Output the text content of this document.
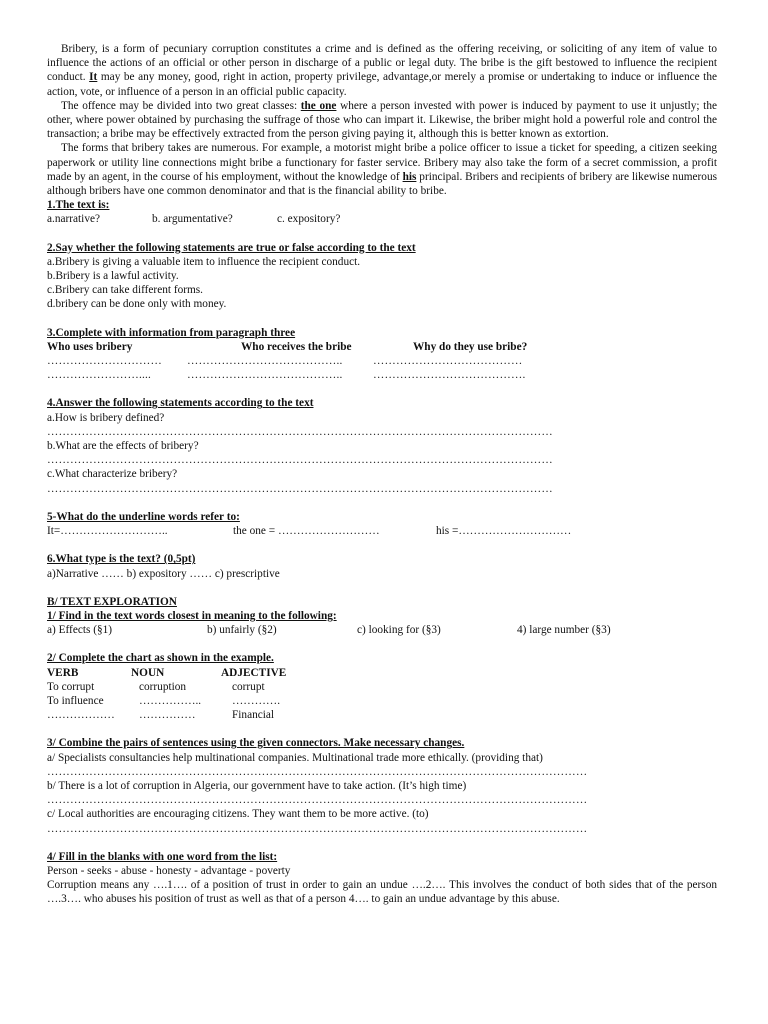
Bribery, is a form of pecuniary corruption constitutes a crime and is defined as the offering receiving, or soliciting of any item of value to influence the actions of an official or other person in discharge of a public or legal duty. The bribe is the gift bestowed to influence the recipient conduct. It may be any money, good, right in action, property privilege, advantage,or merely a promise or undertaking to induce or influence the action, vote, or influence of a person in an official public capacity.

The offence may be divided into two great classes: the one where a person invested with power is induced by payment to use it unjustly; the other, where power obtained by purchasing the suffrage of those who can impart it. Likewise, the briber might hold a powerful role and control the transaction; a bribe may be effectively extracted from the person giving paying it, although this is better known as extortion.

The forms that bribery takes are numerous. For example, a motorist might bribe a police officer to issue a ticket for speeding, a citizen seeking paperwork or utility line connections might bribe a functionary for faster service. Bribery may also take the form of a secret commission, a profit made by an agent, in the course of his employment, without the knowledge of his principal. Bribers and recipients of bribery are likewise numerous although bribers have one common denominator and that is the financial ability to bribe.

1.The text is:
a.narrative?	b. argumentative?	c. expository?
2.Say whether the following statements are true or false according to the text
a.Bribery is giving a valuable item to influence the recipient conduct.
b.Bribery is a lawful activity.
c.Bribery can take different forms.
d.bribery can be done only with money.
3.Complete with information from paragraph three
Who uses bribery	Who receives the bribe	Why do they use bribe?
…………………………	…………………………………..	…………………………………
……………………....	…………………………………..	………………………………….
4.Answer the following statements according to the text
a.How is bribery defined?
……………………………………………………………………………………………………………………
b.What are the effects of bribery?
……………………………………………………………………………………………………………………
c.What characterize bribery?
……………………………………………………………………………………………………………………
5-What do the underline words refer to:
It=………………………..	the one = ………………………	his =…………………………
6.What type is the text? (0,5pt)
a)Narrative …… b) expository …… c) prescriptive
B/ TEXT EXPLORATION
1/ Find in the text words closest in meaning to the following:
a) Effects (§1)	b) unfairly (§2)	c) looking for (§3)	4) large number (§3)
2/ Complete the chart as shown in the example.
VERB	NOUN	ADJECTIVE
To corrupt	corruption	corrupt
To influence	……………..	………….
………………	……………	Financial
3/ Combine the pairs of sentences using the given connectors. Make necessary changes.
a/ Specialists consultancies help multinational companies. Multinational trade more ethically. (providing that)
……………………………………………………………………………………………………………………………
b/ There is a lot of corruption in Algeria, our government have to take action. (It’s high time)
……………………………………………………………………………………………………………………………
c/ Local authorities are encouraging citizens. They want them to be more active. (to)
……………………………………………………………………………………………………………………………
4/ Fill in the blanks with one word from the list:
Person - seeks - abuse - honesty - advantage - poverty

Corruption means any ….1…. of a position of trust in order to gain an undue ….2…. This involves the conduct of both sides that of the person ….3…. who abuses his position of trust as well as that of a person 4…. to gain an undue advantage by this abuse.
